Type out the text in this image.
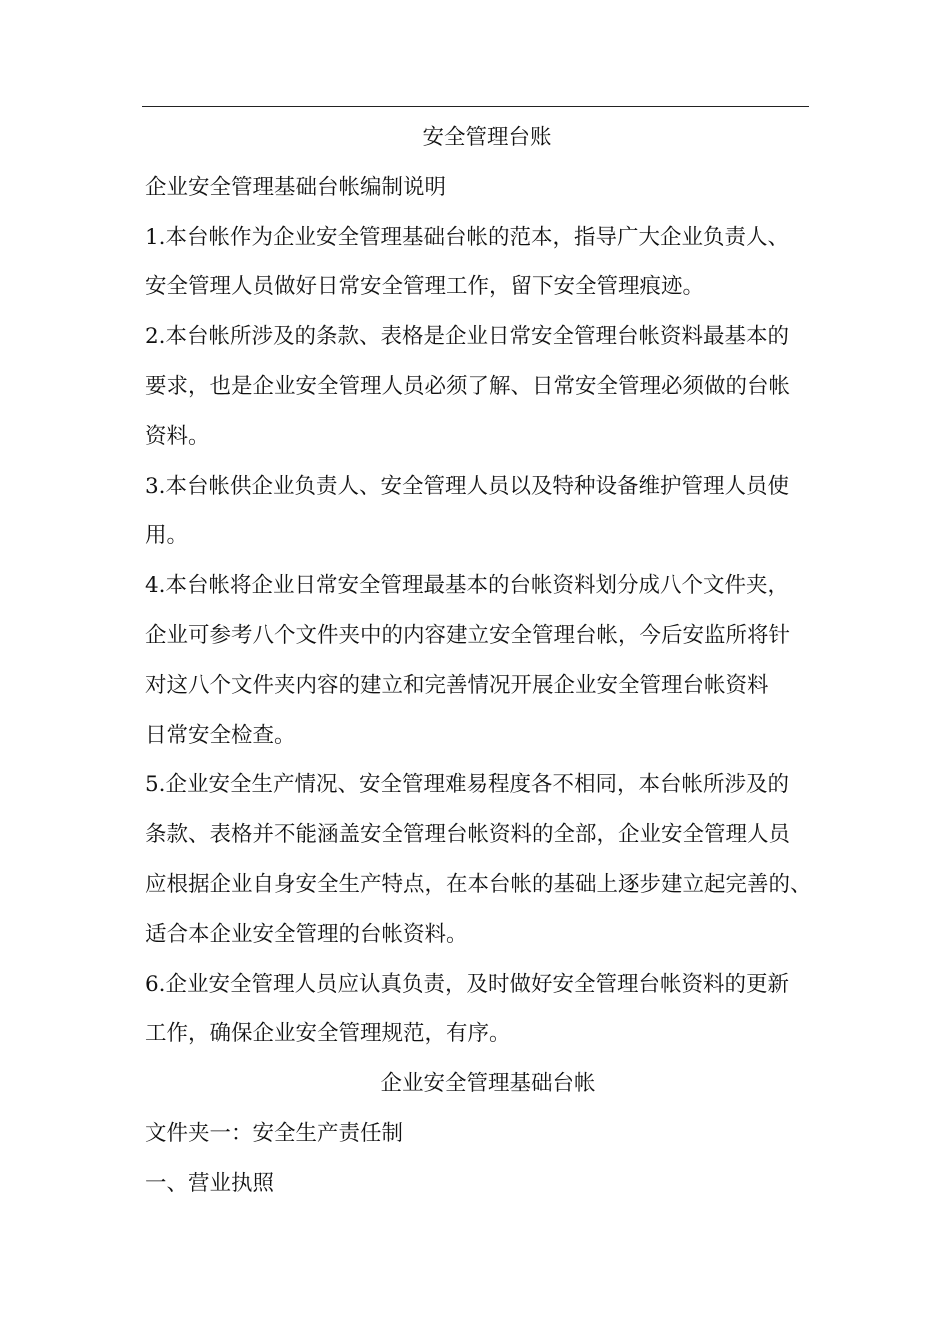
安全管理台账
企业安全管理基础台帐编制说明
1.本台帐作为企业安全管理基础台帐的范本，指导广大企业负责人、
安全管理人员做好日常安全管理工作，留下安全管理痕迹。
2.本台帐所涉及的条款、表格是企业日常安全管理台帐资料最基本的
要求，也是企业安全管理人员必须了解、日常安全管理必须做的台帐
资料。
3.本台帐供企业负责人、安全管理人员以及特种设备维护管理人员使
用。
4.本台帐将企业日常安全管理最基本的台帐资料划分成八个文件夹，
企业可参考八个文件夹中的内容建立安全管理台帐，今后安监所将针
对这八个文件夹内容的建立和完善情况开展企业安全管理台帐资料
日常安全检查。
5.企业安全生产情况、安全管理难易程度各不相同，本台帐所涉及的
条款、表格并不能涵盖安全管理台帐资料的全部，企业安全管理人员
应根据企业自身安全生产特点，在本台帐的基础上逐步建立起完善的、
适合本企业安全管理的台帐资料。
6.企业安全管理人员应认真负责，及时做好安全管理台帐资料的更新
工作，确保企业安全管理规范，有序。
企业安全管理基础台帐
文件夹一：安全生产责任制
一、营业执照
